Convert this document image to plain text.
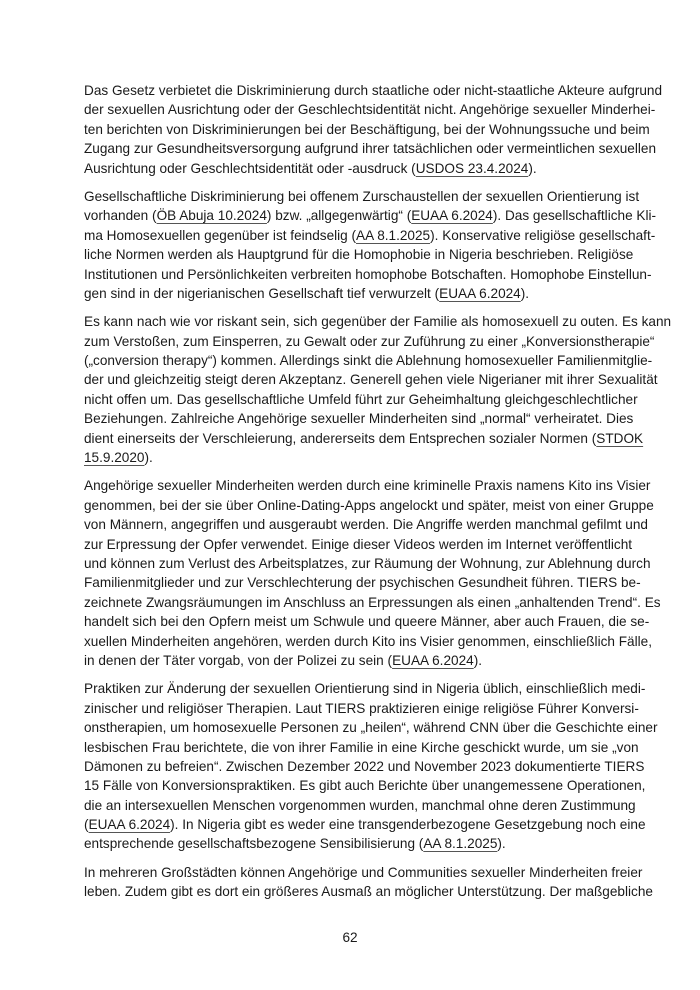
Das Gesetz verbietet die Diskriminierung durch staatliche oder nicht-staatliche Akteure aufgrund
der sexuellen Ausrichtung oder der Geschlechtsidentität nicht. Angehörige sexueller Minderhei-
ten berichten von Diskriminierungen bei der Beschäftigung, bei der Wohnungssuche und beim
Zugang zur Gesundheitsversorgung aufgrund ihrer tatsächlichen oder vermeintlichen sexuellen
Ausrichtung oder Geschlechtsidentität oder -ausdruck (USDOS 23.4.2024).
Gesellschaftliche Diskriminierung bei offenem Zurschaustellen der sexuellen Orientierung ist
vorhanden (ÖB Abuja 10.2024) bzw. „allgegenwärtig“ (EUAA 6.2024). Das gesellschaftliche Kli-
ma Homosexuellen gegenüber ist feindselig (AA 8.1.2025). Konservative religiöse gesellschaft-
liche Normen werden als Hauptgrund für die Homophobie in Nigeria beschrieben. Religiöse
Institutionen und Persönlichkeiten verbreiten homophobe Botschaften. Homophobe Einstellun-
gen sind in der nigerianischen Gesellschaft tief verwurzelt (EUAA 6.2024).
Es kann nach wie vor riskant sein, sich gegenüber der Familie als homosexuell zu outen. Es kann
zum Verstoßen, zum Einsperren, zu Gewalt oder zur Zuführung zu einer „Konversionstherapie“
(„conversion therapy“) kommen. Allerdings sinkt die Ablehnung homosexueller Familienmitglie-
der und gleichzeitig steigt deren Akzeptanz. Generell gehen viele Nigerianer mit ihrer Sexualität
nicht offen um. Das gesellschaftliche Umfeld führt zur Geheimhaltung gleichgeschlechtlicher
Beziehungen. Zahlreiche Angehörige sexueller Minderheiten sind „normal“ verheiratet. Dies
dient einerseits der Verschleierung, andererseits dem Entsprechen sozialer Normen (STDOK
15.9.2020).
Angehörige sexueller Minderheiten werden durch eine kriminelle Praxis namens Kito ins Visier
genommen, bei der sie über Online-Dating-Apps angelockt und später, meist von einer Gruppe
von Männern, angegriffen und ausgeraubt werden. Die Angriffe werden manchmal gefilmt und
zur Erpressung der Opfer verwendet. Einige dieser Videos werden im Internet veröffentlicht
und können zum Verlust des Arbeitsplatzes, zur Räumung der Wohnung, zur Ablehnung durch
Familienmitglieder und zur Verschlechterung der psychischen Gesundheit führen. TIERS be-
zeichnete Zwangsräumungen im Anschluss an Erpressungen als einen „anhaltenden Trend“. Es
handelt sich bei den Opfern meist um Schwule und queere Männer, aber auch Frauen, die se-
xuellen Minderheiten angehören, werden durch Kito ins Visier genommen, einschließlich Fälle,
in denen der Täter vorgab, von der Polizei zu sein (EUAA 6.2024).
Praktiken zur Änderung der sexuellen Orientierung sind in Nigeria üblich, einschließlich medi-
zinischer und religiöser Therapien. Laut TIERS praktizieren einige religiöse Führer Konversi-
onstherapien, um homosexuelle Personen zu „heilen“, während CNN über die Geschichte einer
lesbischen Frau berichtete, die von ihrer Familie in eine Kirche geschickt wurde, um sie „von
Dämonen zu befreien“. Zwischen Dezember 2022 und November 2023 dokumentierte TIERS
15 Fälle von Konversionspraktiken. Es gibt auch Berichte über unangemessene Operationen,
die an intersexuellen Menschen vorgenommen wurden, manchmal ohne deren Zustimmung
(EUAA 6.2024). In Nigeria gibt es weder eine transgenderbezogene Gesetzgebung noch eine
entsprechende gesellschaftsbezogene Sensibilisierung (AA 8.1.2025).
In mehreren Großstädten können Angehörige und Communities sexueller Minderheiten freier
leben. Zudem gibt es dort ein größeres Ausmaß an möglicher Unterstützung. Der maßgebliche
62
